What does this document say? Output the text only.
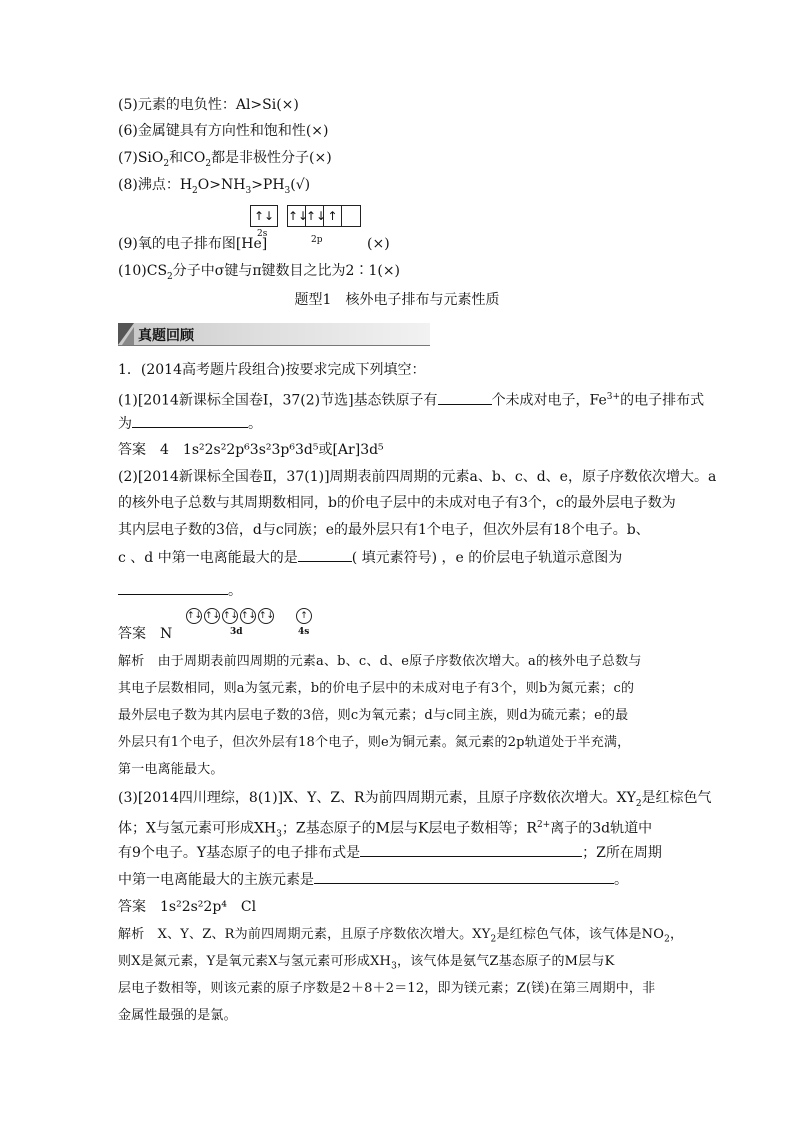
(5)元素的电负性：Al>Si(×)
(6)金属键具有方向性和饱和性(×)
(7)SiO$_2$和$CO_2$都是非极性分子(×)
(8)沸点：$H_2O>NH_3>PH_3(√)$
↑↓
2s
↑↓
↑↓ ↑
2p
(9)氧的电子排布图[He]	(×)
$(10)CS_2$分子中σ键与π键数目之比为2∶1(×)
题型1　核外电子排布与元素性质
真题回顾
1．(2014高考题片段组合)按要求完成下列填空：
(1)[2014新课标全国卷Ⅰ，37(2)节选]基态铁原子有	个未成对电子，$Fe^{3+}$的电子排布式
为	。
答案　 4　1s²2s²2p⁶3s²3p⁶3d⁵或[Ar]3d⁵
(2)[2014新课标全国卷Ⅱ，37(1)]周期表前四周期的元素a、b、c、d、e，原子序数依次增大。a
的核外电子总数与其周期数相同，b的价电子层中的未成对电子有3个，c的最外层电子数为
其内层电子数的3倍，d与c同族；e的最外层只有1个电子，但次外层有18个电子。b、
c 、d 中第一电离能最大的是	( 填元素符号) ，e 的价层电子轨道示意图为
。
↑↓ ↑↓ ↑↓ ↑↓ ↑↓	↑
3d	4s
答案　 N
解析　 由于周期表前四周期的元素a、b、c、d、e原子序数依次增大。a的核外电子总数与
其电子层数相同，则a为氢元素，b的价电子层中的未成对电子有3个，则b为氮元素；c的
最外层电子数为其内层电子数的3倍，则c为氧元素；d与c同主族，则d为硫元素；e的最
外层只有1个电子，但次外层有18个电子，则e为铜元素。氮元素的2p轨道处于半充满，
第一电离能最大。
(3)[2014四川理综，8(1)]X、Y、Z、R为前四周期元素，且原子序数依次增大。$XY_2$是红棕色气
体；X与氢元素可形成$XH_3$；Z基态原子的M层与K层电子数相等；$R^{2+}$离子的3d轨道中
有9个电子。Y基态原子的电子排布式是	；Z所在周期
中第一电离能最大的主族元素是	。
答案　 1s²2s²2p⁴　Cl
解析　 X、Y、Z、R为前四周期元素，且原子序数依次增大。$XY_2$是红棕色气体，该气体是$NO_2$，
则X是氮元素，Y是氧元素X与氢元素可形成$XH_3$，该气体是氨气Z基态原子的M层与K
层电子数相等，则该元素的原子序数是2＋8＋2＝12，即为镁元素；Z(镁)在第三周期中，非
金属性最强的是氯。
